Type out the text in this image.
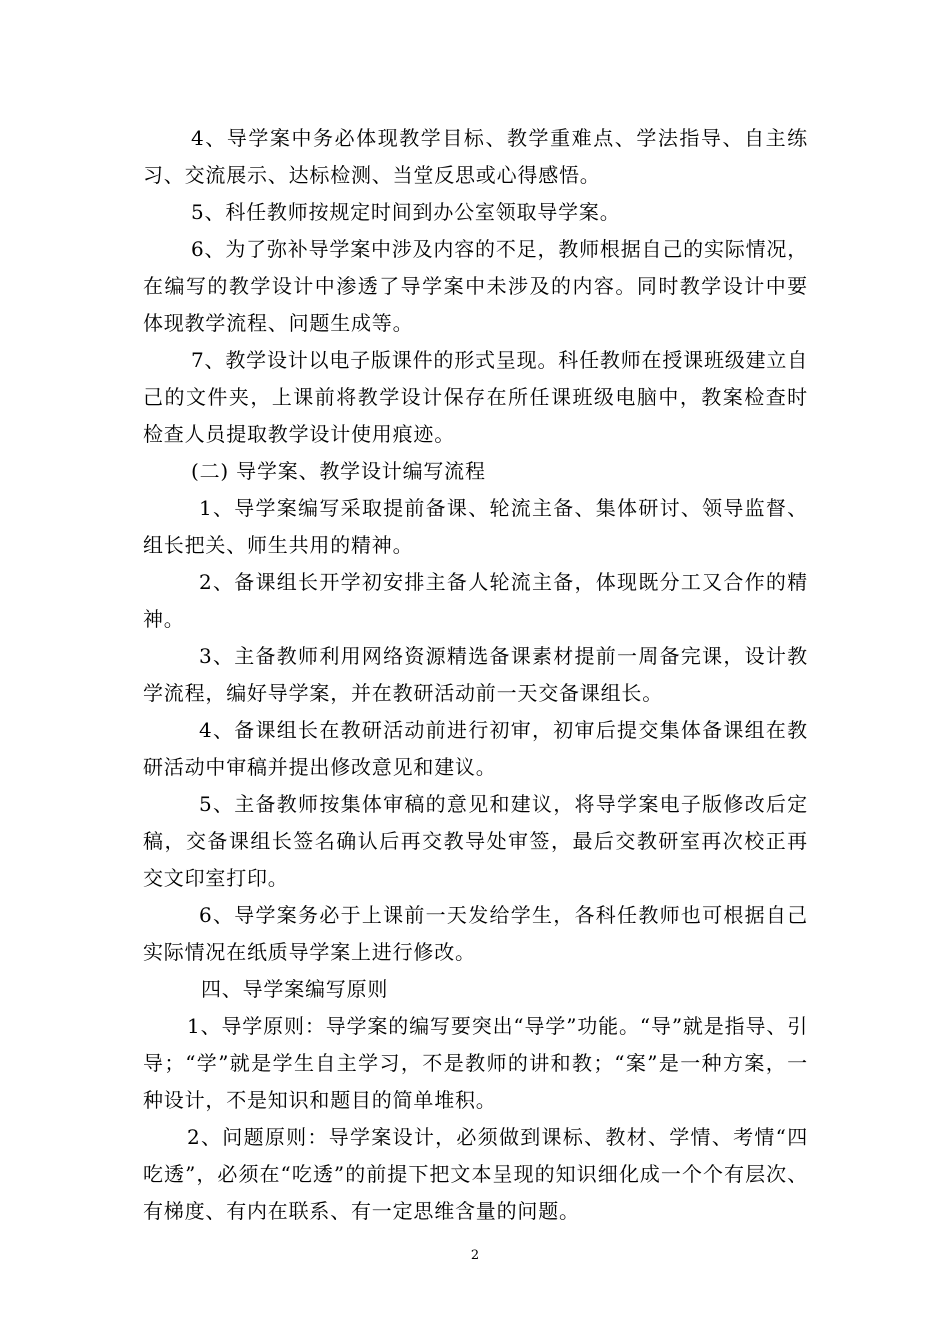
4、导学案中务必体现教学目标、教学重难点、学法指导、自主练习、交流展示、达标检测、当堂反思或心得感悟。

5、科任教师按规定时间到办公室领取导学案。

6、为了弥补导学案中涉及内容的不足，教师根据自己的实际情况，在编写的教学设计中渗透了导学案中未涉及的内容。同时教学设计中要体现教学流程、问题生成等。

7、教学设计以电子版课件的形式呈现。科任教师在授课班级建立自己的文件夹，上课前将教学设计保存在所任课班级电脑中，教案检查时检查人员提取教学设计使用痕迹。

(二) 导学案、教学设计编写流程

1、导学案编写采取提前备课、轮流主备、集体研讨、领导监督、组长把关、师生共用的精神。

2、备课组长开学初安排主备人轮流主备，体现既分工又合作的精神。

3、主备教师利用网络资源精选备课素材提前一周备完课，设计教学流程，编好导学案，并在教研活动前一天交备课组长。

4、备课组长在教研活动前进行初审，初审后提交集体备课组在教研活动中审稿并提出修改意见和建议。

5、主备教师按集体审稿的意见和建议，将导学案电子版修改后定稿，交备课组长签名确认后再交教导处审签，最后交教研室再次校正再交文印室打印。

6、导学案务必于上课前一天发给学生，各科任教师也可根据自己实际情况在纸质导学案上进行修改。

四、导学案编写原则

1、导学原则：导学案的编写要突出“导学”功能。“导”就是指导、引导；“学”就是学生自主学习，不是教师的讲和教；“案”是一种方案，一种设计，不是知识和题目的简单堆积。

2、问题原则：导学案设计，必须做到课标、教材、学情、考情“四吃透”，必须在“吃透”的前提下把文本呈现的知识细化成一个个有层次、有梯度、有内在联系、有一定思维含量的问题。

2
